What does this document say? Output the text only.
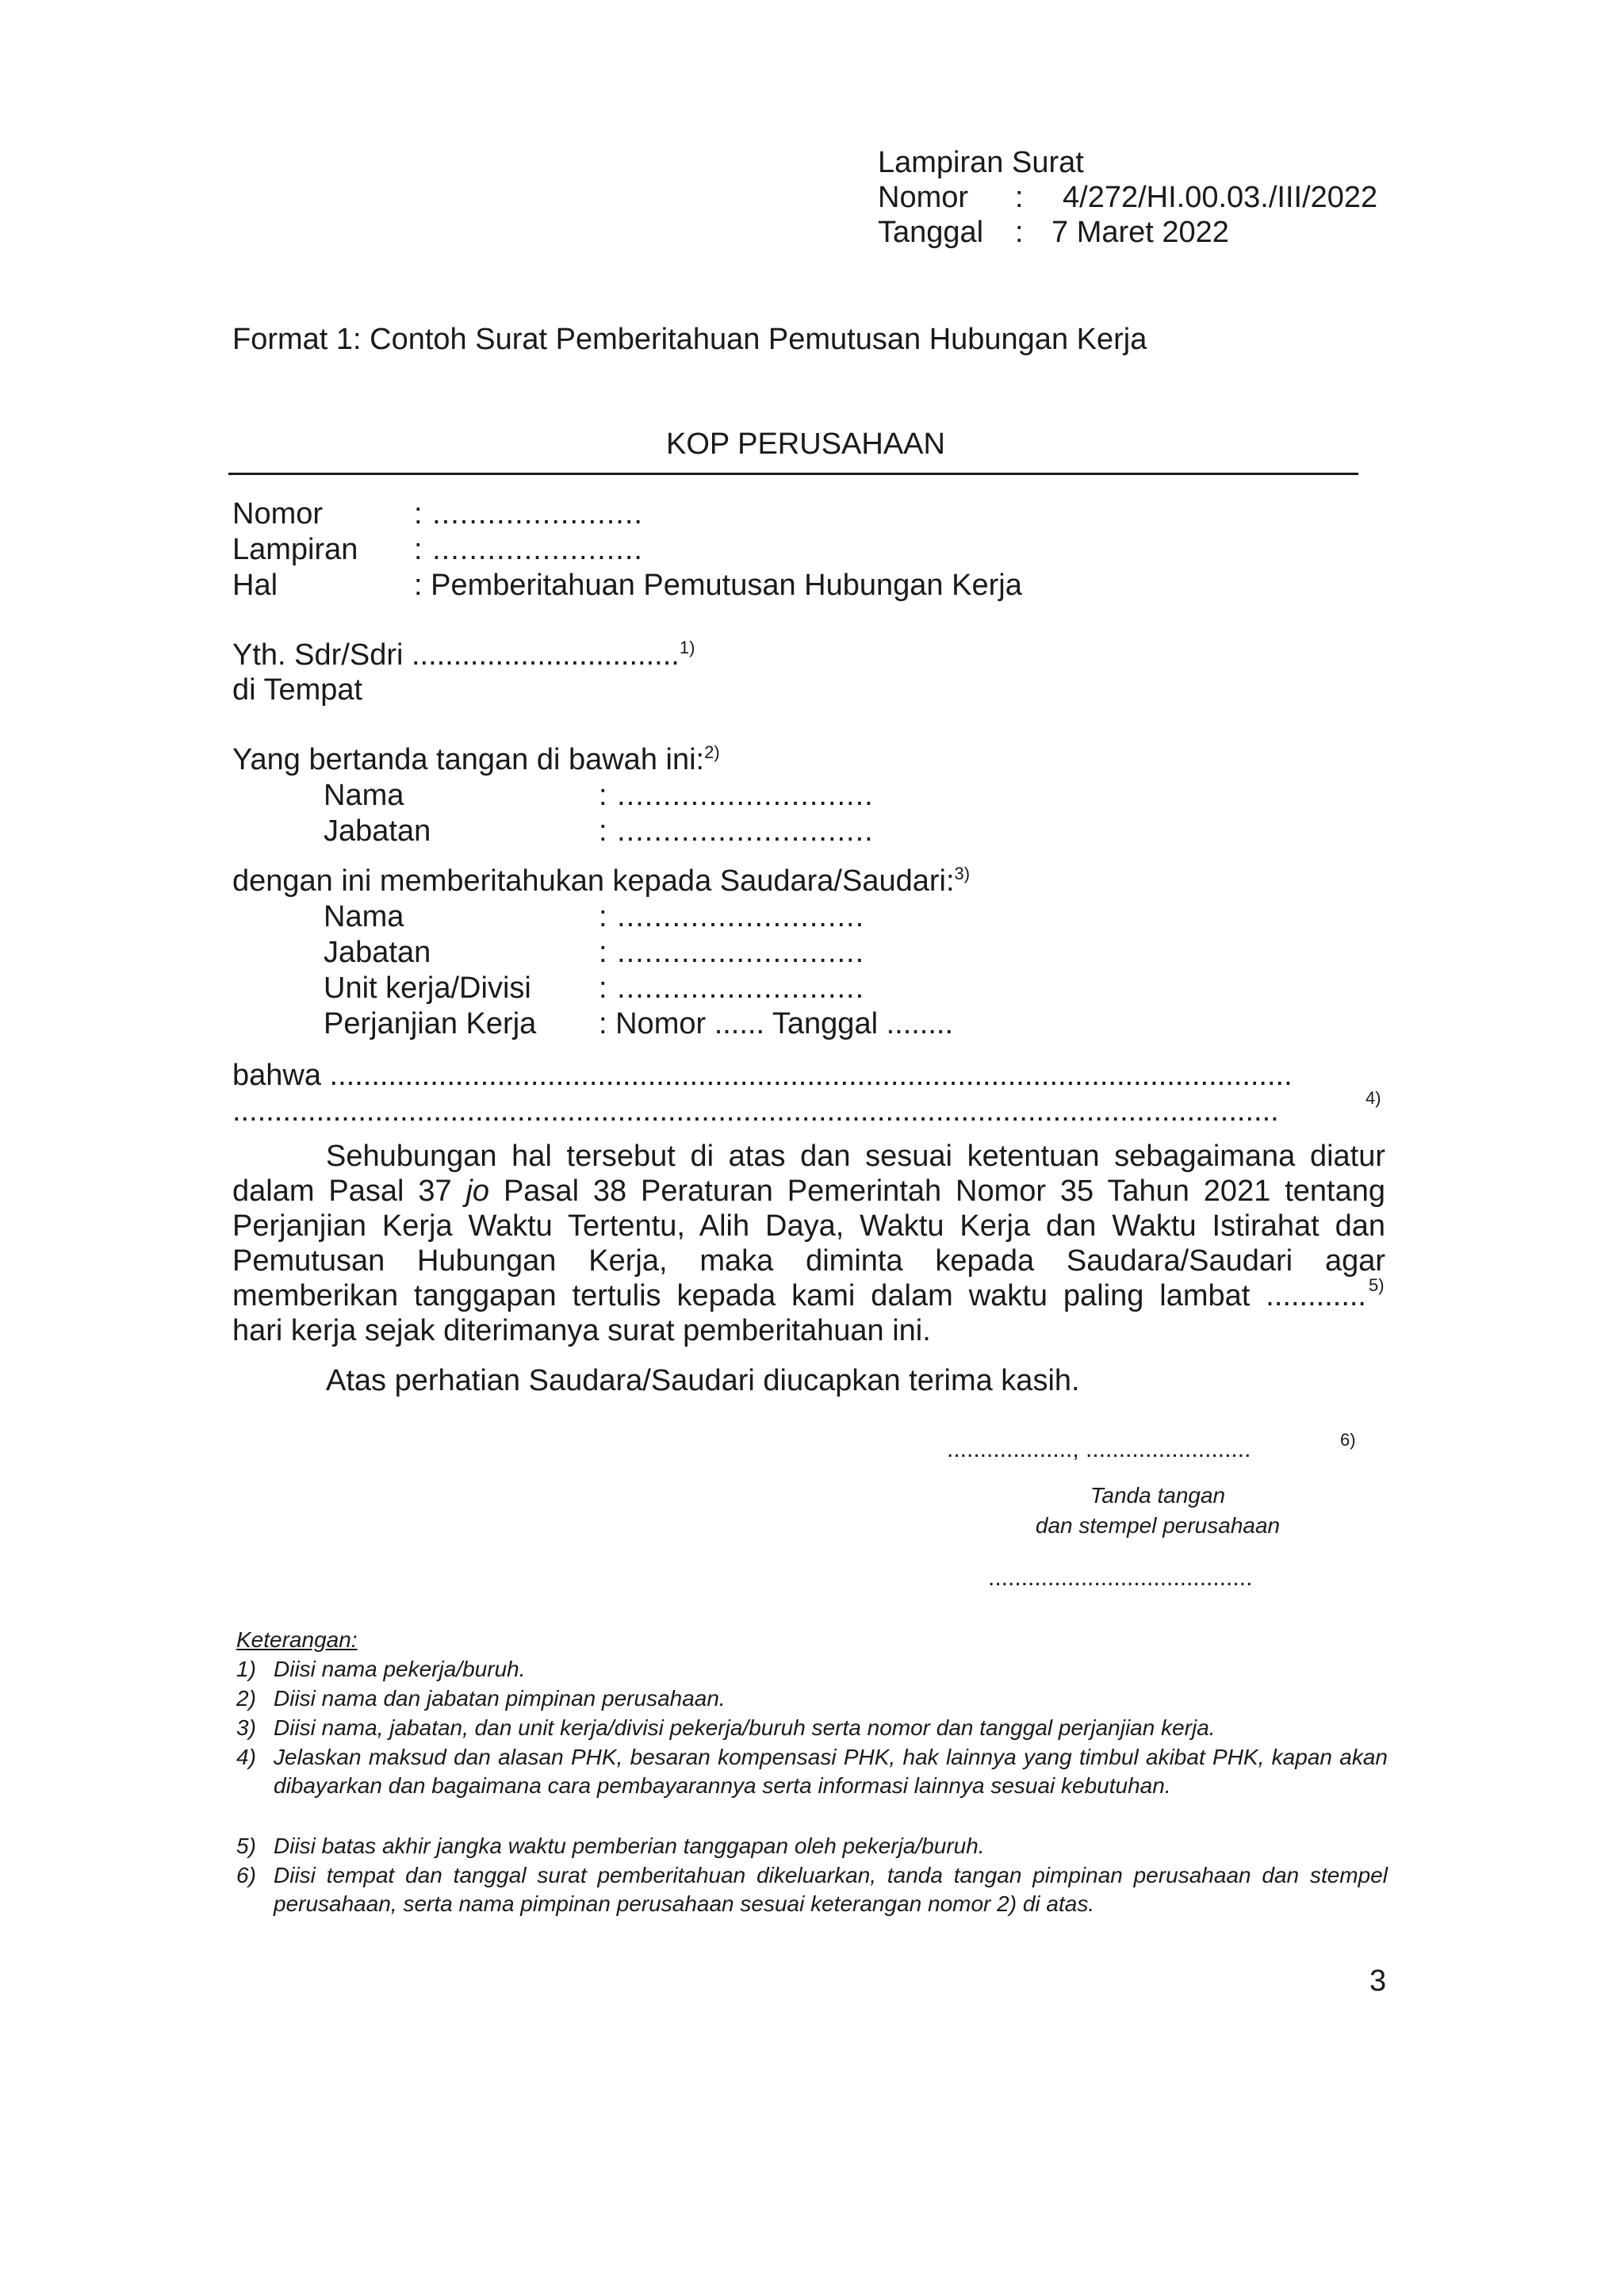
Lampiran Surat
Nomor : 4/272/HI.00.03./III/2022
Tanggal : 7 Maret 2022
Format 1: Contoh Surat Pemberitahuan Pemutusan Hubungan Kerja
KOP PERUSAHAAN
Nomor	: .......................
Lampiran : .......................
Hal	: Pemberitahuan Pemutusan Hubungan Kerja
Yth. Sdr/Sdri ................................$^{1)}$
di Tempat
Yang bertanda tangan di bawah ini:$^{2)}$
Nama	: ............................
Jabatan	: ............................
dengan ini memberitahukan kepada Saudara/Saudari:$^{3)}$
Nama	: ...........................
Jabatan	: ...........................
Unit kerja/Divisi : ...........................
Perjanjian Kerja : Nomor ...... Tanggal ........
bahwa ...................................................................................................................
.............................................................................................................................	4)
Sehubungan hal tersebut di atas dan sesuai ketentuan sebagaimana diatur
dalam Pasal 37 jo Pasal 38 Peraturan Pemerintah Nomor 35 Tahun 2021 tentang
Perjanjian Kerja Waktu Tertentu, Alih Daya, Waktu Kerja dan Waktu Istirahat dan
Pemutusan Hubungan Kerja, maka diminta kepada Saudara/Saudari agar
memberikan tanggapan tertulis kepada kami dalam waktu paling lambat ............ 5)
hari kerja sejak diterimanya surat pemberitahuan ini.
Atas perhatian Saudara/Saudari diucapkan terima kasih.
..................., .........................	6)
Tanda tangan
dan stempel perusahaan
........................................
Keterangan:
1) Diisi nama pekerja/buruh.
2) Diisi nama dan jabatan pimpinan perusahaan.
3) Diisi nama, jabatan, dan unit kerja/divisi pekerja/buruh serta nomor dan tanggal perjanjian kerja.
4) Jelaskan maksud dan alasan PHK, besaran kompensasi PHK, hak lainnya yang timbul akibat PHK, kapan akan dibayarkan dan bagaimana cara pembayarannya serta informasi lainnya sesuai kebutuhan.
5) Diisi batas akhir jangka waktu pemberian tanggapan oleh pekerja/buruh.
6) Diisi tempat dan tanggal surat pemberitahuan dikeluarkan, tanda tangan pimpinan perusahaan dan stempel perusahaan, serta nama pimpinan perusahaan sesuai keterangan nomor 2) di atas.
3
